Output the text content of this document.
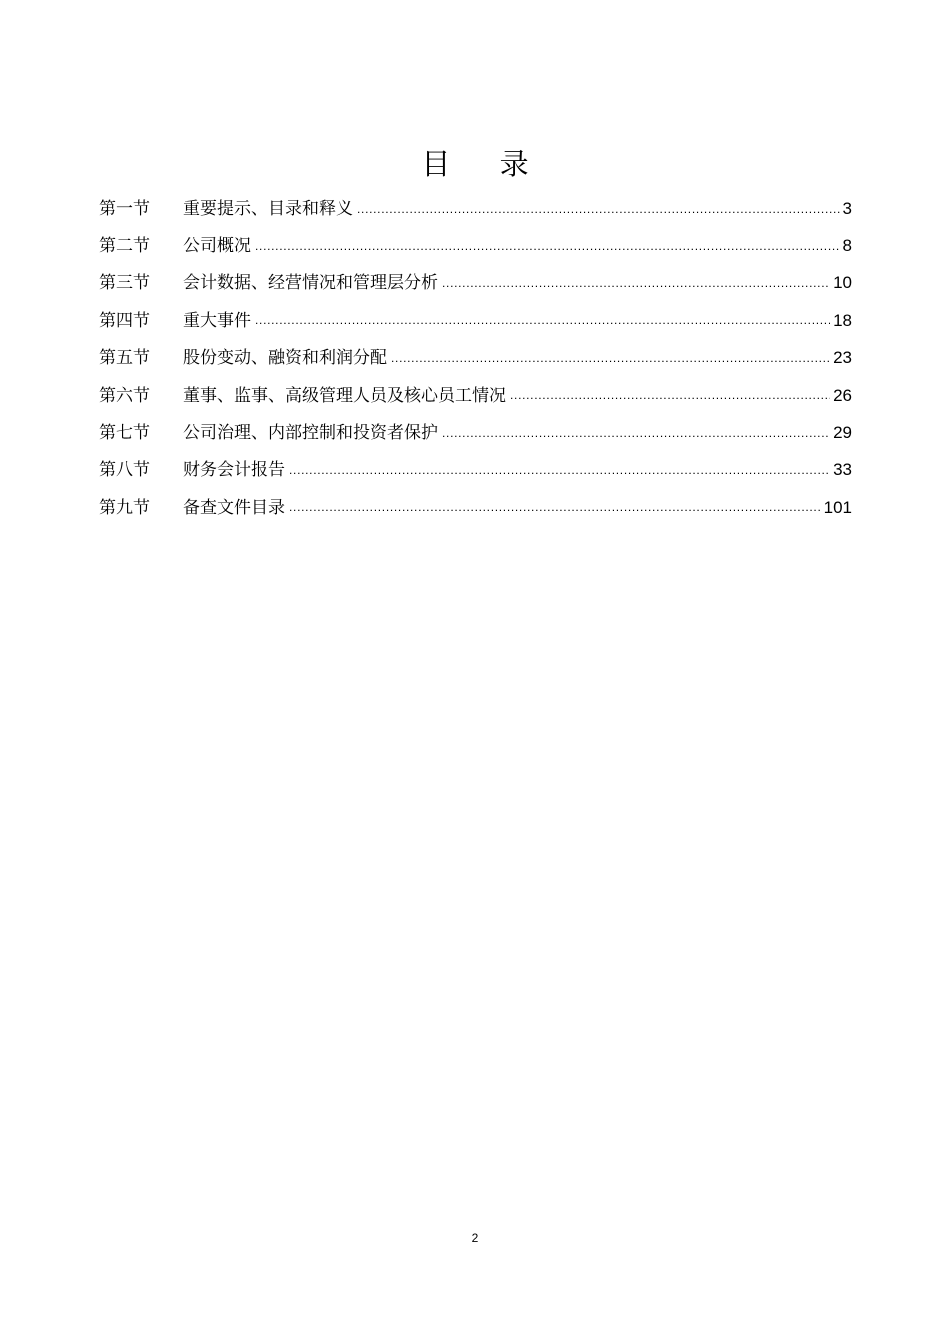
目 录
第一节	重要提示、目录和释义 .....	3
第二节	公司概况 .....	8
第三节	会计数据、经营情况和管理层分析 .....	10
第四节	重大事件 .....	18
第五节	股份变动、融资和利润分配 .....	23
第六节	董事、监事、高级管理人员及核心员工情况 .....	26
第七节	公司治理、内部控制和投资者保护 .....	29
第八节	财务会计报告 .....	33
第九节	备查文件目录 .....	101
2
